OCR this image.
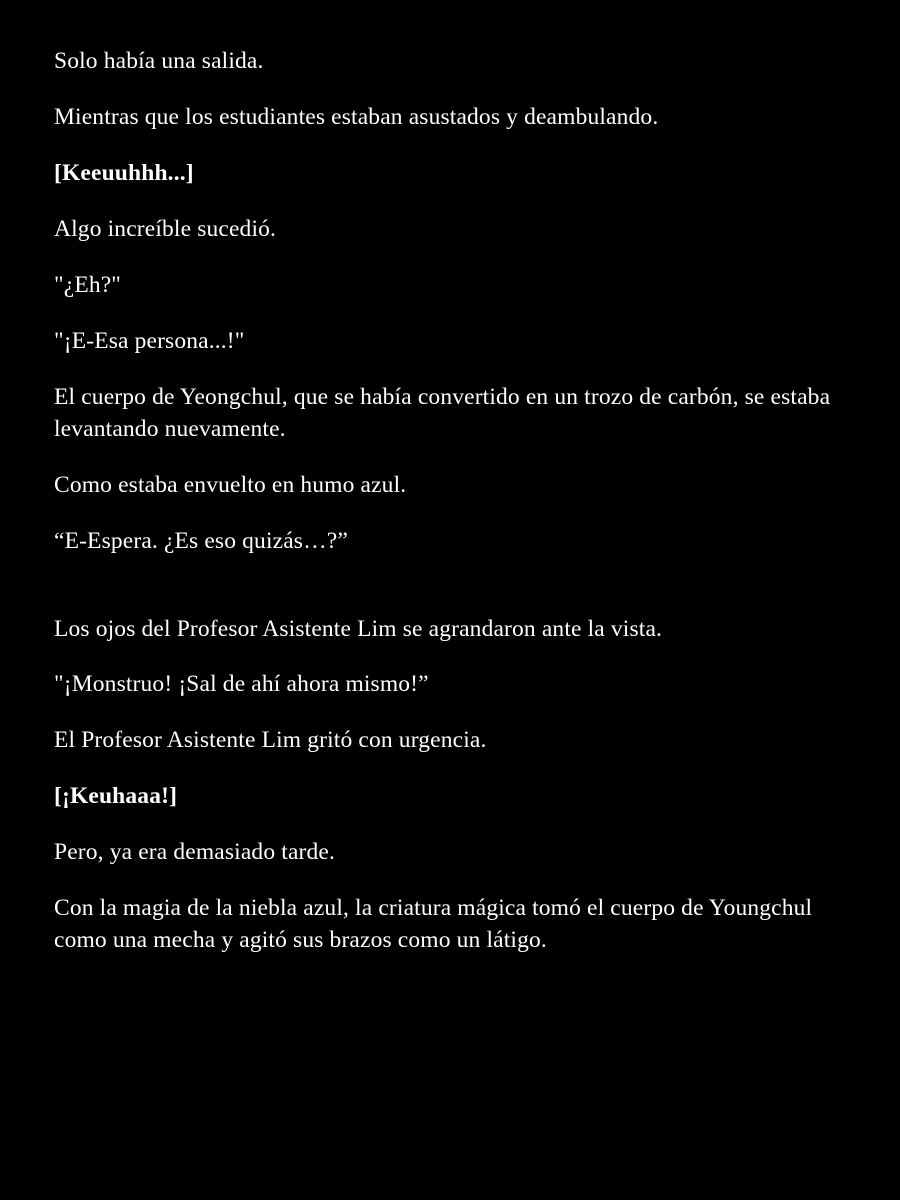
Solo había una salida.

Mientras que los estudiantes estaban asustados y deambulando.

[Keeuuhhh...]

Algo increíble sucedió.

"¿Eh?"

"¡E-Esa persona...!"

El cuerpo de Yeongchul, que se había convertido en un trozo de carbón, se estaba levantando nuevamente.

Como estaba envuelto en humo azul.

“E-Espera. ¿Es eso quizás…?”

Los ojos del Profesor Asistente Lim se agrandaron ante la vista.

"¡Monstruo! ¡Sal de ahí ahora mismo!”

El Profesor Asistente Lim gritó con urgencia.

[¡Keuhaaa!]

Pero, ya era demasiado tarde.

Con la magia de la niebla azul, la criatura mágica tomó el cuerpo de Youngchul como una mecha y agitó sus brazos como un látigo.
